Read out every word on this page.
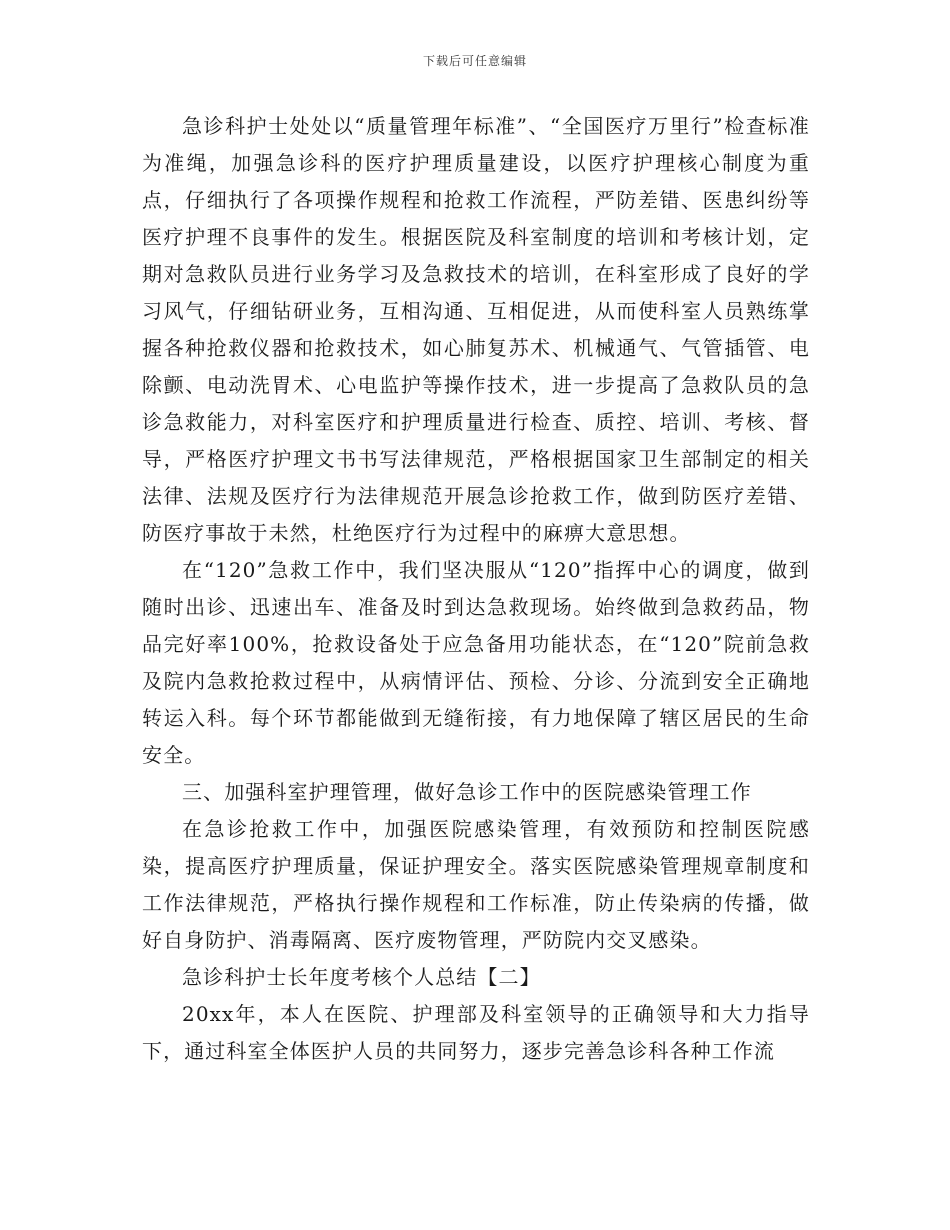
下载后可任意编辑

急诊科护士处处以“质量管理年标准”、“全国医疗万里行”检查标准为准绳，加强急诊科的医疗护理质量建设，以医疗护理核心制度为重点，仔细执行了各项操作规程和抢救工作流程，严防差错、医患纠纷等医疗护理不良事件的发生。根据医院及科室制度的培训和考核计划，定期对急救队员进行业务学习及急救技术的培训，在科室形成了良好的学习风气，仔细钻研业务，互相沟通、互相促进，从而使科室人员熟练掌握各种抢救仪器和抢救技术，如心肺复苏术、机械通气、气管插管、电除颤、电动洗胃术、心电监护等操作技术，进一步提高了急救队员的急诊急救能力，对科室医疗和护理质量进行检查、质控、培训、考核、督导，严格医疗护理文书书写法律规范，严格根据国家卫生部制定的相关法律、法规及医疗行为法律规范开展急诊抢救工作，做到防医疗差错、防医疗事故于未然，杜绝医疗行为过程中的麻痹大意思想。

在“120”急救工作中，我们坚决服从“120”指挥中心的调度，做到随时出诊、迅速出车、准备及时到达急救现场。始终做到急救药品，物品完好率100%，抢救设备处于应急备用功能状态，在“120”院前急救及院内急救抢救过程中，从病情评估、预检、分诊、分流到安全正确地转运入科。每个环节都能做到无缝衔接，有力地保障了辖区居民的生命安全。

三、加强科室护理管理，做好急诊工作中的医院感染管理工作

在急诊抢救工作中，加强医院感染管理，有效预防和控制医院感染，提高医疗护理质量，保证护理安全。落实医院感染管理规章制度和工作法律规范，严格执行操作规程和工作标准，防止传染病的传播，做好自身防护、消毒隔离、医疗废物管理，严防院内交叉感染。

急诊科护士长年度考核个人总结【二】

20xx年，本人在医院、护理部及科室领导的正确领导和大力指导下，通过科室全体医护人员的共同努力，逐步完善急诊科各种工作流
